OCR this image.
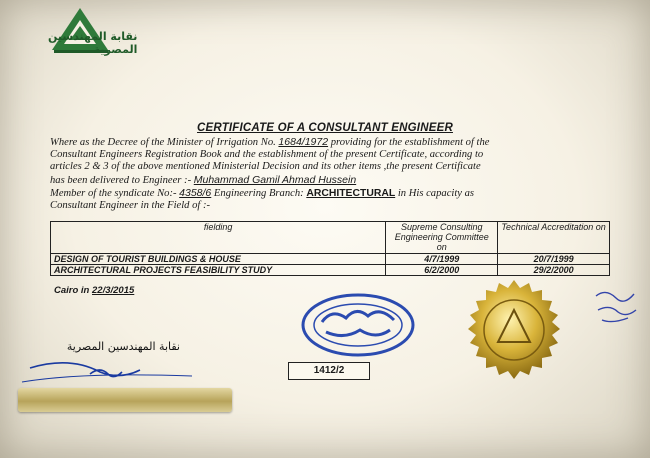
نقابة المهندسين
المصرية
CERTIFICATE OF A CONSULTANT ENGINEER

Where as the Decree of the Minister of Irrigation No. 1684/1972 providing for the establishment of the

Consultant Engineers Registration Book and the establishment of the present Certificate, according to

articles 2 & 3 of the above mentioned Ministerial Decision and its other items ,the present Certificate

has been delivered to Engineer :- Muhammad Gamil Ahmad Hussein

Member of the syndicate No:- 4358/6 Engineering Branch: ARCHITECTURAL in His capacity as

Consultant Engineer in the Field of :-

fielding	Supreme Consulting Engineering Committee on	Technical Accreditation on
DESIGN OF TOURIST BUILDINGS & HOUSE	4/7/1999	20/7/1999
ARCHITECTURAL PROJECTS FEASIBILITY STUDY	6/2/2000	29/2/2000
Cairo in 22/3/2015
1412/2
نقابة المهندسين المصرية
